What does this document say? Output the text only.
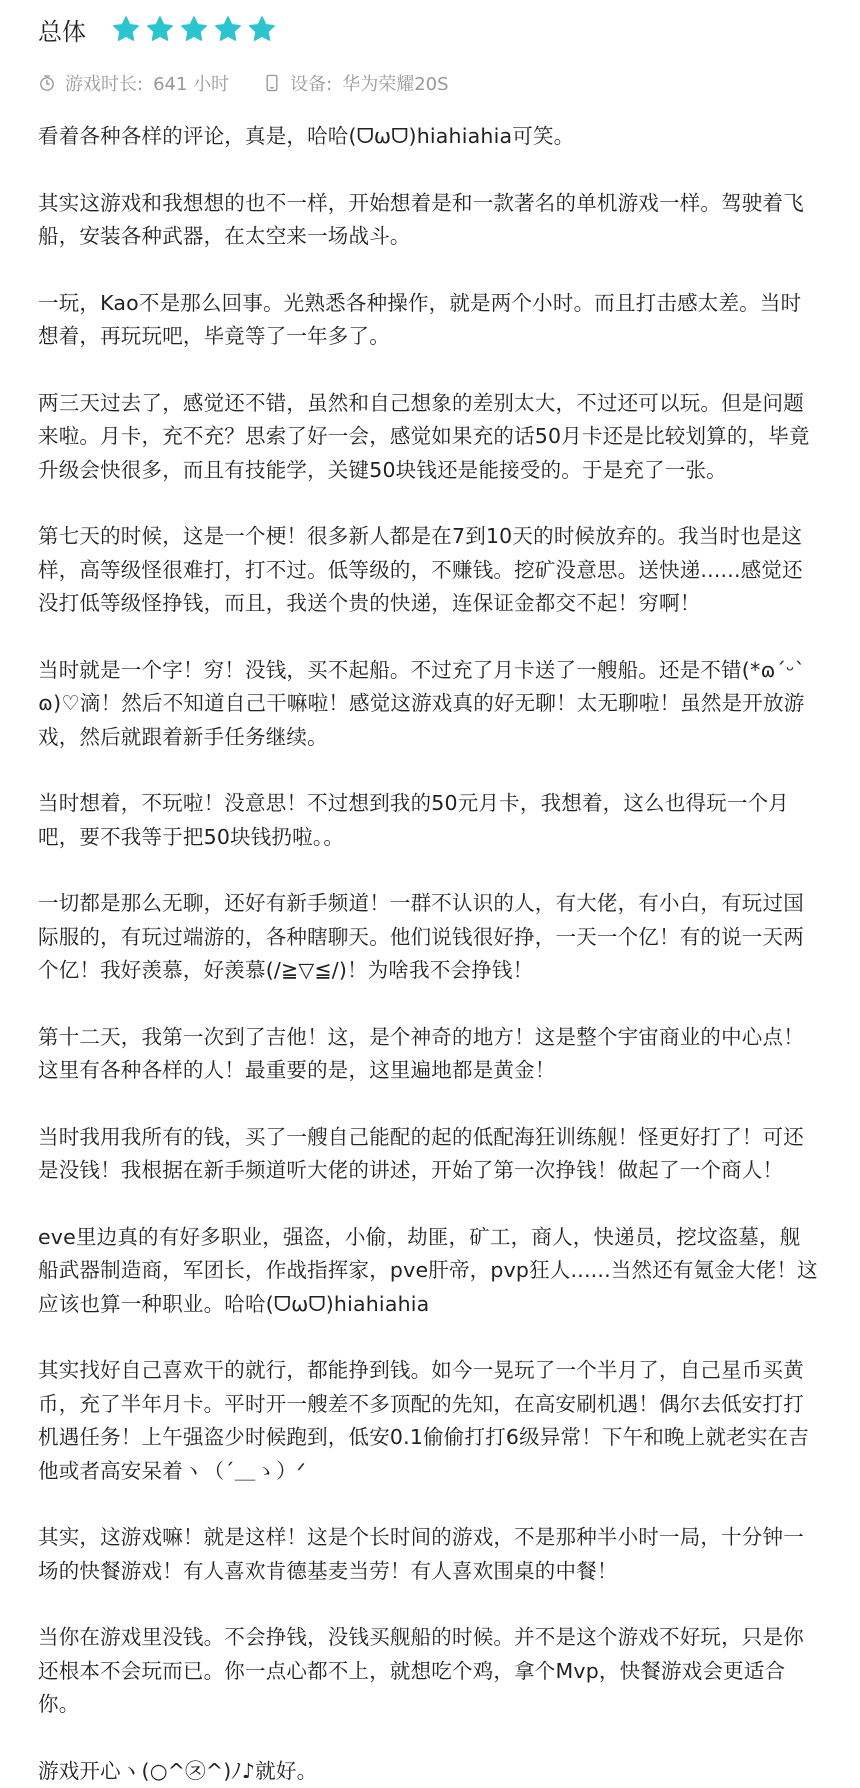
总体
游戏时长: 641 小时	设备: 华为荣耀20S

看着各种各样的评论，真是，哈哈(ᗜωᗜ)hiahiahia可笑。

其实这游戏和我想想的也不一样，开始想着是和一款著名的单机游戏一样。驾驶着飞船，安装各种武器，在太空来一场战斗。

一玩，Kao不是那么回事。光熟悉各种操作，就是两个小时。而且打击感太差。当时想着，再玩玩吧，毕竟等了一年多了。

两三天过去了，感觉还不错，虽然和自己想象的差别太大，不过还可以玩。但是问题来啦。月卡，充不充？思索了好一会，感觉如果充的话50月卡还是比较划算的，毕竟升级会快很多，而且有技能学，关键50块钱还是能接受的。于是充了一张。

第七天的时候，这是一个梗！很多新人都是在7到10天的时候放弃的。我当时也是这样，高等级怪很难打，打不过。低等级的，不赚钱。挖矿没意思。送快递......感觉还没打低等级怪挣钱，而且，我送个贵的快递，连保证金都交不起！穷啊！

当时就是一个字！穷！没钱，买不起船。不过充了月卡送了一艘船。还是不错(*ɷ´ᵕ`ɷ)♡滴！然后不知道自己干嘛啦！感觉这游戏真的好无聊！太无聊啦！虽然是开放游戏，然后就跟着新手任务继续。

当时想着，不玩啦！没意思！不过想到我的50元月卡，我想着，这么也得玩一个月吧，要不我等于把50块钱扔啦。。

一切都是那么无聊，还好有新手频道！一群不认识的人，有大佬，有小白，有玩过国际服的，有玩过端游的，各种瞎聊天。他们说钱很好挣，一天一个亿！有的说一天两个亿！我好羡慕，好羡慕(/≧▽≦/)！为啥我不会挣钱！

第十二天，我第一次到了吉他！这，是个神奇的地方！这是整个宇宙商业的中心点！这里有各种各样的人！最重要的是，这里遍地都是黄金！

当时我用我所有的钱，买了一艘自己能配的起的低配海狂训练舰！怪更好打了！可还是没钱！我根据在新手频道听大佬的讲述，开始了第一次挣钱！做起了一个商人！

eve里边真的有好多职业，强盗，小偷，劫匪，矿工，商人，快递员，挖坟盗墓，舰船武器制造商，军团长，作战指挥家，pve肝帝，pvp狂人......当然还有氪金大佬！这应该也算一种职业。哈哈(ᗜωᗜ)hiahiahia

其实找好自己喜欢干的就行，都能挣到钱。如今一晃玩了一个半月了，自己星币买黄币，充了半年月卡。平时开一艘差不多顶配的先知，在高安刷机遇！偶尔去低安打打机遇任务！上午强盗少时候跑到，低安0.1偷偷打打6级异常！下午和晚上就老实在吉他或者高安呆着ヽ（´＿ゝ）ᐟ

其实，这游戏嘛！就是这样！这是个长时间的游戏，不是那种半小时一局，十分钟一场的快餐游戏！有人喜欢肯德基麦当劳！有人喜欢围桌的中餐！

当你在游戏里没钱。不会挣钱，没钱买舰船的时候。并不是这个游戏不好玩，只是你还根本不会玩而已。你一点心都不上，就想吃个鸡，拿个Mvp，快餐游戏会更适合你。

游戏开心ヽ(○^㉨^)ﾉ♪就好。
